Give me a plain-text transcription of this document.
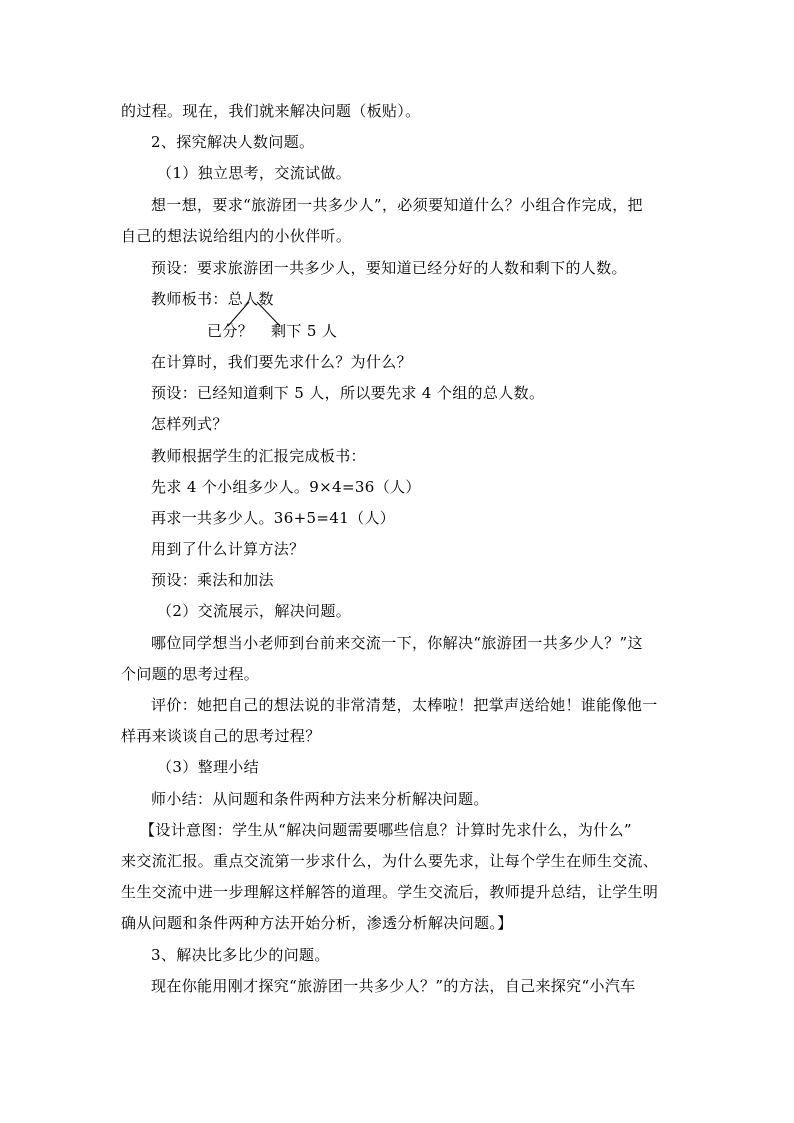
的过程。现在，我们就来解决问题（板贴）。
2、探究解决人数问题。
（1）独立思考，交流试做。
想一想，要求“旅游团一共多少人”，必须要知道什么？小组合作完成，把
自己的想法说给组内的小伙伴听。
预设：要求旅游团一共多少人，要知道已经分好的人数和剩下的人数。
教师板书：总人数
已分？ 剩下 5 人
在计算时，我们要先求什么？为什么？
预设：已经知道剩下 5 人，所以要先求 4 个组的总人数。
怎样列式？
教师根据学生的汇报完成板书：
先求 4 个小组多少人。9×4=36（人）
再求一共多少人。36+5=41（人）
用到了什么计算方法？
预设：乘法和加法
（2）交流展示，解决问题。
哪位同学想当小老师到台前来交流一下，你解决“旅游团一共多少人？”这
个问题的思考过程。
评价：她把自己的想法说的非常清楚，太棒啦！把掌声送给她！谁能像他一
样再来谈谈自己的思考过程？
（3）整理小结
师小结：从问题和条件两种方法来分析解决问题。
【设计意图：学生从“解决问题需要哪些信息？计算时先求什么，为什么”
来交流汇报。重点交流第一步求什么，为什么要先求，让每个学生在师生交流、
生生交流中进一步理解这样解答的道理。学生交流后，教师提升总结，让学生明
确从问题和条件两种方法开始分析，渗透分析解决问题。】
3、解决比多比少的问题。
现在你能用刚才探究“旅游团一共多少人？”的方法，自己来探究“小汽车
